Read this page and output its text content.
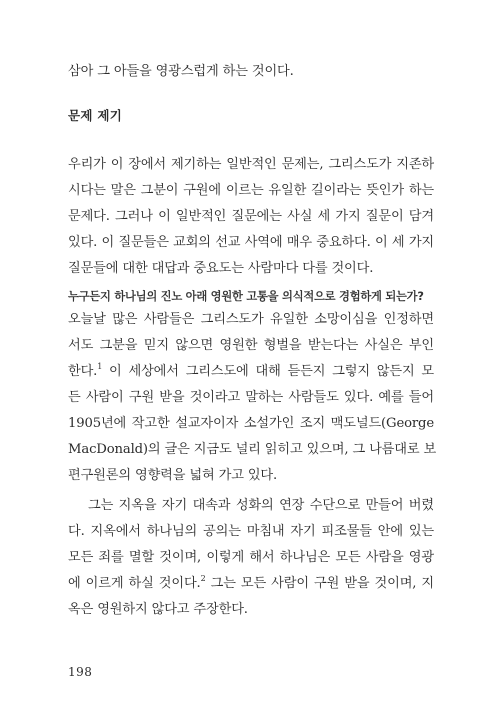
삼아 그 아들을 영광스럽게 하는 것이다.
문제 제기
우리가 이 장에서 제기하는 일반적인 문제는, 그리스도가 지존하
시다는 말은 그분이 구원에 이르는 유일한 길이라는 뜻인가 하는
문제다. 그러나 이 일반적인 질문에는 사실 세 가지 질문이 담겨
있다. 이 질문들은 교회의 선교 사역에 매우 중요하다. 이 세 가지
질문들에 대한 대답과 중요도는 사람마다 다를 것이다.
누구든지 하나님의 진노 아래 영원한 고통을 의식적으로 경험하게 되는가?
오늘날 많은 사람들은 그리스도가 유일한 소망이심을 인정하면
서도 그분을 믿지 않으면 영원한 형벌을 받는다는 사실은 부인
한다.$^1$ 이 세상에서 그리스도에 대해 듣든지 그렇지 않든지 모
든 사람이 구원 받을 것이라고 말하는 사람들도 있다. 예를 들어
1905년에 작고한 설교자이자 소설가인 조지 맥도널드(George
MacDonald)의 글은 지금도 널리 읽히고 있으며, 그 나름대로 보
편구원론의 영향력을 넓혀 가고 있다.
그는 지옥을 자기 대속과 성화의 연장 수단으로 만들어 버렸
다. 지옥에서 하나님의 공의는 마침내 자기 피조물들 안에 있는
모든 죄를 멸할 것이며, 이렇게 해서 하나님은 모든 사람을 영광
에 이르게 하실 것이다.$^2$ 그는 모든 사람이 구원 받을 것이며, 지
옥은 영원하지 않다고 주장한다.
198
